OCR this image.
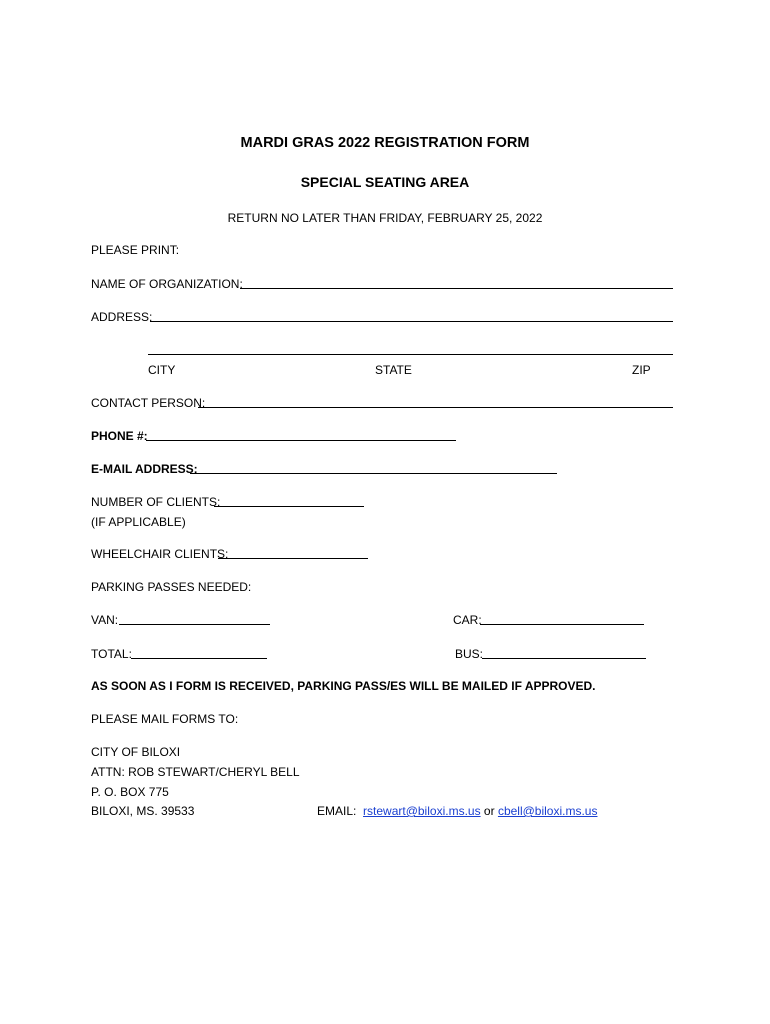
MARDI GRAS 2022 REGISTRATION FORM
SPECIAL SEATING AREA
RETURN NO LATER THAN FRIDAY, FEBRUARY 25, 2022
PLEASE PRINT:
NAME OF ORGANIZATION:
ADDRESS:
CITY	STATE	ZIP
CONTACT PERSON:
PHONE #:
E-MAIL ADDRESS:
NUMBER OF CLIENTS:
(IF APPLICABLE)
WHEELCHAIR CLIENTS:
PARKING PASSES NEEDED:
VAN:	CAR:
TOTAL:	BUS:
AS SOON AS I FORM IS RECEIVED, PARKING PASS/ES WILL BE MAILED IF APPROVED.
PLEASE MAIL FORMS TO:
CITY OF BILOXI
ATTN: ROB STEWART/CHERYL BELL
P. O. BOX 775
BILOXI, MS. 39533	EMAIL: rstewart@biloxi.ms.us or cbell@biloxi.ms.us
